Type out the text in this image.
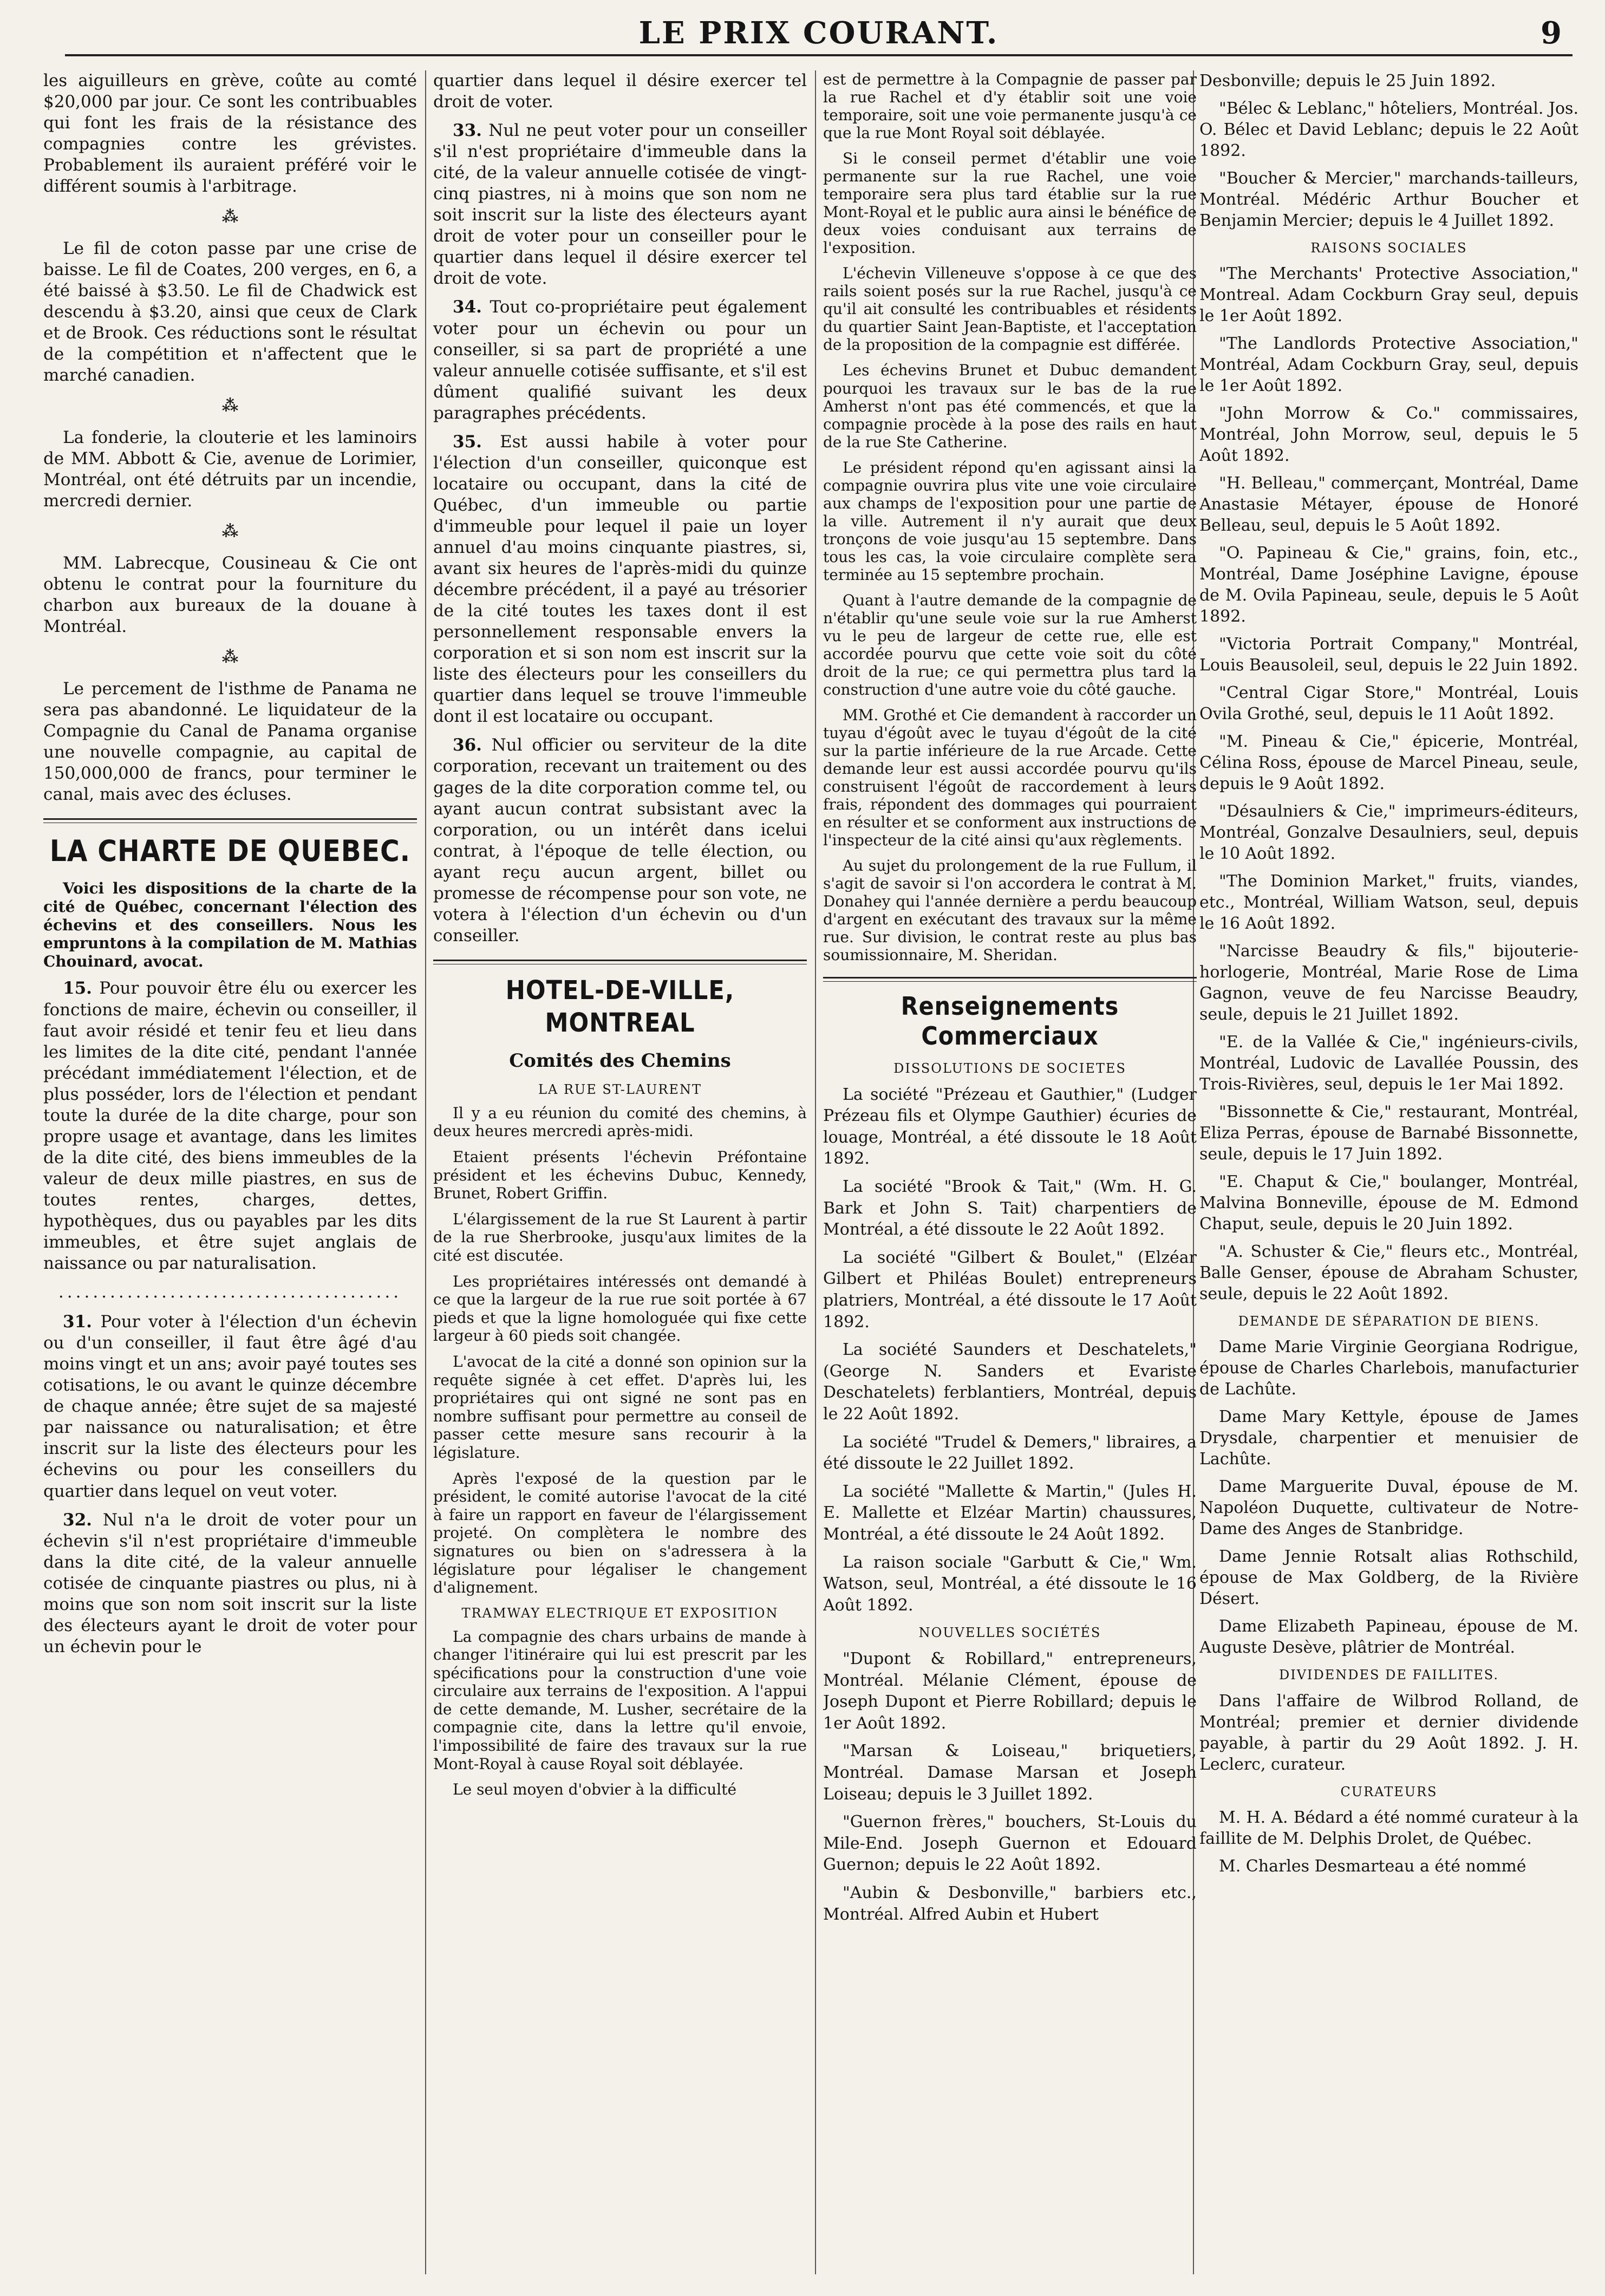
LE PRIX COURANT.	9

les aiguilleurs en grève, coûte au comté $20,000 par jour. Ce sont les contribuables qui font les frais de la résistance des compagnies contre les grévistes. Probablement ils auraient préféré voir le différent soumis à l'arbitrage.

⁂

Le fil de coton passe par une crise de baisse. Le fil de Coates, 200 verges, en 6, a été baissé à $3.50. Le fil de Chadwick est descendu à $3.20, ainsi que ceux de Clark et de Brook. Ces réductions sont le résultat de la compétition et n'affectent que le marché canadien.

⁂

La fonderie, la clouterie et les laminoirs de MM. Abbott & Cie, avenue de Lorimier, Montréal, ont été détruits par un incendie, mercredi dernier.

⁂

MM. Labrecque, Cousineau & Cie ont obtenu le contrat pour la fourniture du charbon aux bureaux de la douane à Montréal.

⁂

Le percement de l'isthme de Panama ne sera pas abandonné. Le liquidateur de la Compagnie du Canal de Panama organise une nouvelle compagnie, au capital de 150,000,000 de francs, pour terminer le canal, mais avec des écluses.

LA CHARTE DE QUEBEC.

Voici les dispositions de la charte de la cité de Québec, concernant l'élection des échevins et des conseillers. Nous les empruntons à la compilation de M. Mathias Chouinard, avocat.

15. Pour pouvoir être élu ou exercer les fonctions de maire, échevin ou conseiller, il faut avoir résidé et tenir feu et lieu dans les limites de la dite cité, pendant l'année précédant immédiatement l'élection, et de plus posséder, lors de l'élection et pendant toute la durée de la dite charge, pour son propre usage et avantage, dans les limites de la dite cité, des biens immeubles de la valeur de deux mille piastres, en sus de toutes rentes, charges, dettes, hypothèques, dus ou payables par les dits immeubles, et être sujet anglais de naissance ou par naturalisation.

........................................

31. Pour voter à l'élection d'un échevin ou d'un conseiller, il faut être âgé d'au moins vingt et un ans; avoir payé toutes ses cotisations, le ou avant le quinze décembre de chaque année; être sujet de sa majesté par naissance ou naturalisation; et être inscrit sur la liste des électeurs pour les échevins ou pour les conseillers du quartier dans lequel on veut voter.

32. Nul n'a le droit de voter pour un échevin s'il n'est propriétaire d'immeuble dans la dite cité, de la valeur annuelle cotisée de cinquante piastres ou plus, ni à moins que son nom soit inscrit sur la liste des électeurs ayant le droit de voter pour un échevin pour le

quartier dans lequel il désire exercer tel droit de voter.

33. Nul ne peut voter pour un conseiller s'il n'est propriétaire d'immeuble dans la cité, de la valeur annuelle cotisée de vingt-cinq piastres, ni à moins que son nom ne soit inscrit sur la liste des électeurs ayant droit de voter pour un conseiller pour le quartier dans lequel il désire exercer tel droit de vote.

34. Tout co-propriétaire peut également voter pour un échevin ou pour un conseiller, si sa part de propriété a une valeur annuelle cotisée suffisante, et s'il est dûment qualifié suivant les deux paragraphes précédents.

35. Est aussi habile à voter pour l'élection d'un conseiller, quiconque est locataire ou occupant, dans la cité de Québec, d'un immeuble ou partie d'immeuble pour lequel il paie un loyer annuel d'au moins cinquante piastres, si, avant six heures de l'après-midi du quinze décembre précédent, il a payé au trésorier de la cité toutes les taxes dont il est personnellement responsable envers la corporation et si son nom est inscrit sur la liste des électeurs pour les conseillers du quartier dans lequel se trouve l'immeuble dont il est locataire ou occupant.

36. Nul officier ou serviteur de la dite corporation, recevant un traitement ou des gages de la dite corporation comme tel, ou ayant aucun contrat subsistant avec la corporation, ou un intérêt dans icelui contrat, à l'époque de telle élection, ou ayant reçu aucun argent, billet ou promesse de récompense pour son vote, ne votera à l'élection d'un échevin ou d'un conseiller.

HOTEL-DE-VILLE, MONTREAL
Comités des Chemins
LA RUE ST-LAURENT

Il y a eu réunion du comité des chemins, à deux heures mercredi après-midi.

Etaient présents l'échevin Préfontaine président et les échevins Dubuc, Kennedy, Brunet, Robert Griffin.

L'élargissement de la rue St Laurent à partir de la rue Sherbrooke, jusqu'aux limites de la cité est discutée.

Les propriétaires intéressés ont demandé à ce que la largeur de la rue rue soit portée à 67 pieds et que la ligne homologuée qui fixe cette largeur à 60 pieds soit changée.

L'avocat de la cité a donné son opinion sur la requête signée à cet effet. D'après lui, les propriétaires qui ont signé ne sont pas en nombre suffisant pour permettre au conseil de passer cette mesure sans recourir à la législature.

Après l'exposé de la question par le président, le comité autorise l'avocat de la cité à faire un rapport en faveur de l'élargissement projeté. On complètera le nombre des signatures ou bien on s'adressera à la législature pour légaliser le changement d'alignement.

TRAMWAY ELECTRIQUE ET EXPOSITION

La compagnie des chars urbains de mande à changer l'itinéraire qui lui est prescrit par les spécifications pour la construction d'une voie circulaire aux terrains de l'exposition. A l'appui de cette demande, M. Lusher, secrétaire de la compagnie cite, dans la lettre qu'il envoie, l'impossibilité de faire des travaux sur la rue Mont-Royal à cause Royal soit déblayée.

Le seul moyen d'obvier à la difficulté

est de permettre à la Compagnie de passer par la rue Rachel et d'y établir soit une voie temporaire, soit une voie permanente jusqu'à ce que la rue Mont Royal soit déblayée.

Si le conseil permet d'établir une voie permanente sur la rue Rachel, une voie temporaire sera plus tard établie sur la rue Mont-Royal et le public aura ainsi le bénéfice de deux voies conduisant aux terrains de l'exposition.

L'échevin Villeneuve s'oppose à ce que des rails soient posés sur la rue Rachel, jusqu'à ce qu'il ait consulté les contribuables et résidents du quartier Saint Jean-Baptiste, et l'acceptation de la proposition de la compagnie est différée.

Les échevins Brunet et Dubuc demandent pourquoi les travaux sur le bas de la rue Amherst n'ont pas été commencés, et que la compagnie procède à la pose des rails en haut de la rue Ste Catherine.

Le président répond qu'en agissant ainsi la compagnie ouvrira plus vite une voie circulaire aux champs de l'exposition pour une partie de la ville. Autrement il n'y aurait que deux tronçons de voie jusqu'au 15 septembre. Dans tous les cas, la voie circulaire complète sera terminée au 15 septembre prochain.

Quant à l'autre demande de la compagnie de n'établir qu'une seule voie sur la rue Amherst vu le peu de largeur de cette rue, elle est accordée pourvu que cette voie soit du côté droit de la rue; ce qui permettra plus tard la construction d'une autre voie du côté gauche.

MM. Grothé et Cie demandent à raccorder un tuyau d'égoût avec le tuyau d'égoût de la cité sur la partie inférieure de la rue Arcade. Cette demande leur est aussi accordée pourvu qu'ils construisent l'égoût de raccordement à leurs frais, répondent des dommages qui pourraient en résulter et se conforment aux instructions de l'inspecteur de la cité ainsi qu'aux règlements.

Au sujet du prolongement de la rue Fullum, il s'agit de savoir si l'on accordera le contrat à M. Donahey qui l'année dernière a perdu beaucoup d'argent en exécutant des travaux sur la même rue. Sur division, le contrat reste au plus bas soumissionnaire, M. Sheridan.

Renseignements Commerciaux
DISSOLUTIONS DE SOCIETES

La société "Prézeau et Gauthier," (Ludger Prézeau fils et Olympe Gauthier) écuries de louage, Montréal, a été dissoute le 18 Août 1892.

La société "Brook & Tait," (Wm. H. G. Bark et John S. Tait) charpentiers de Montréal, a été dissoute le 22 Août 1892.

La société "Gilbert & Boulet," (Elzéar Gilbert et Philéas Boulet) entrepreneurs platriers, Montréal, a été dissoute le 17 Août 1892.

La société Saunders et Deschatelets," (George N. Sanders et Evariste Deschatelets) ferblantiers, Montréal, depuis le 22 Août 1892.

La société "Trudel & Demers," libraires, a été dissoute le 22 Juillet 1892.

La société "Mallette & Martin," (Jules H. E. Mallette et Elzéar Martin) chaussures, Montréal, a été dissoute le 24 Août 1892.

La raison sociale "Garbutt & Cie," Wm. Watson, seul, Montréal, a été dissoute le 16 Août 1892.

NOUVELLES SOCIÉTÉS

"Dupont & Robillard," entrepreneurs, Montréal. Mélanie Clément, épouse de Joseph Dupont et Pierre Robillard; depuis le 1er Août 1892.

"Marsan & Loiseau," briquetiers, Montréal. Damase Marsan et Joseph Loiseau; depuis le 3 Juillet 1892.

"Guernon frères," bouchers, St-Louis du Mile-End. Joseph Guernon et Edouard Guernon; depuis le 22 Août 1892.

"Aubin & Desbonville," barbiers etc., Montréal. Alfred Aubin et Hubert

Desbonville; depuis le 25 Juin 1892.

"Bélec & Leblanc," hôteliers, Montréal. Jos. O. Bélec et David Leblanc; depuis le 22 Août 1892.

"Boucher & Mercier," marchands-tailleurs, Montréal. Médéric Arthur Boucher et Benjamin Mercier; depuis le 4 Juillet 1892.

RAISONS SOCIALES

"The Merchants' Protective Association," Montreal. Adam Cockburn Gray seul, depuis le 1er Août 1892.

"The Landlords Protective Association," Montréal, Adam Cockburn Gray, seul, depuis le 1er Août 1892.

"John Morrow & Co." commissaires, Montréal, John Morrow, seul, depuis le 5 Août 1892.

"H. Belleau," commerçant, Montréal, Dame Anastasie Métayer, épouse de Honoré Belleau, seul, depuis le 5 Août 1892.

"O. Papineau & Cie," grains, foin, etc., Montréal, Dame Joséphine Lavigne, épouse de M. Ovila Papineau, seule, depuis le 5 Août 1892.

"Victoria Portrait Company," Montréal, Louis Beausoleil, seul, depuis le 22 Juin 1892.

"Central Cigar Store," Montréal, Louis Ovila Grothé, seul, depuis le 11 Août 1892.

"M. Pineau & Cie," épicerie, Montréal, Célina Ross, épouse de Marcel Pineau, seule, depuis le 9 Août 1892.

"Désaulniers & Cie," imprimeurs-éditeurs, Montréal, Gonzalve Desaulniers, seul, depuis le 10 Août 1892.

"The Dominion Market," fruits, viandes, etc., Montréal, William Watson, seul, depuis le 16 Août 1892.

"Narcisse Beaudry & fils," bijouterie-horlogerie, Montréal, Marie Rose de Lima Gagnon, veuve de feu Narcisse Beaudry, seule, depuis le 21 Juillet 1892.

"E. de la Vallée & Cie," ingénieurs-civils, Montréal, Ludovic de Lavallée Poussin, des Trois-Rivières, seul, depuis le 1er Mai 1892.

"Bissonnette & Cie," restaurant, Montréal, Eliza Perras, épouse de Barnabé Bissonnette, seule, depuis le 17 Juin 1892.

"E. Chaput & Cie," boulanger, Montréal, Malvina Bonneville, épouse de M. Edmond Chaput, seule, depuis le 20 Juin 1892.

"A. Schuster & Cie," fleurs etc., Montréal, Balle Genser, épouse de Abraham Schuster, seule, depuis le 22 Août 1892.

DEMANDE DE SÉPARATION DE BIENS.

Dame Marie Virginie Georgiana Rodrigue, épouse de Charles Charlebois, manufacturier de Lachûte.

Dame Mary Kettyle, épouse de James Drysdale, charpentier et menuisier de Lachûte.

Dame Marguerite Duval, épouse de M. Napoléon Duquette, cultivateur de Notre-Dame des Anges de Stanbridge.

Dame Jennie Rotsalt alias Rothschild, épouse de Max Goldberg, de la Rivière Désert.

Dame Elizabeth Papineau, épouse de M. Auguste Desève, plâtrier de Montréal.

DIVIDENDES DE FAILLITES.

Dans l'affaire de Wilbrod Rolland, de Montréal; premier et dernier dividende payable, à partir du 29 Août 1892. J. H. Leclerc, curateur.

CURATEURS

M. H. A. Bédard a été nommé curateur à la faillite de M. Delphis Drolet, de Québec.

M. Charles Desmarteau a été nommé
